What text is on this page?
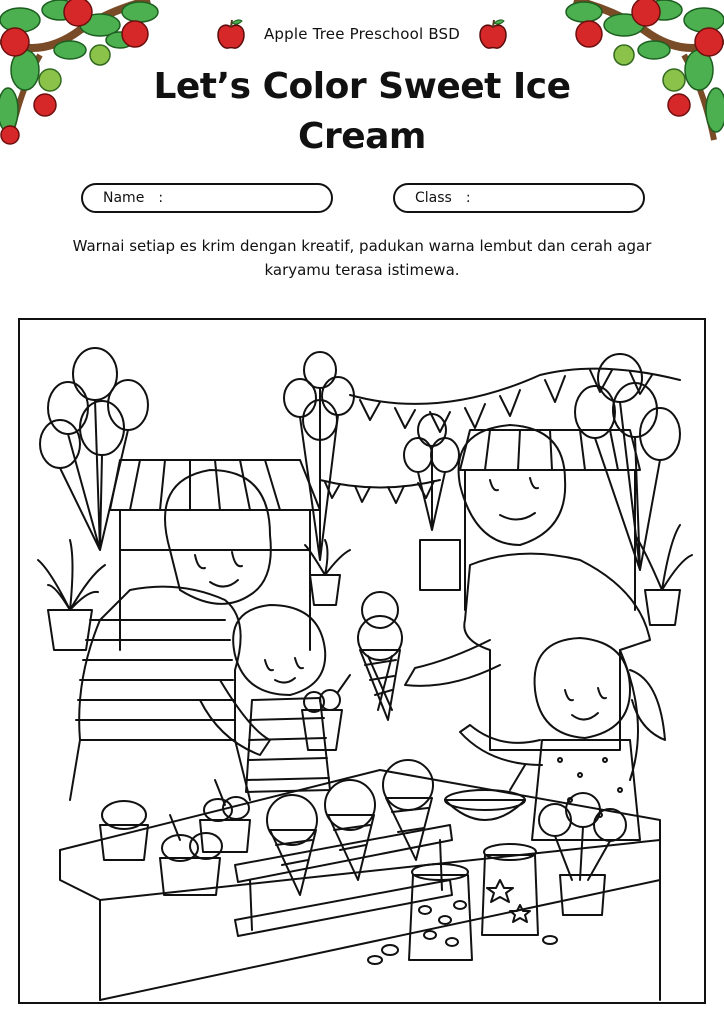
Apple Tree Preschool BSD
Let’s Color Sweet Ice Cream
Name :	Class :
Warnai setiap es krim dengan kreatif, padukan warna lembut dan cerah agar karyamu terasa istimewa.
